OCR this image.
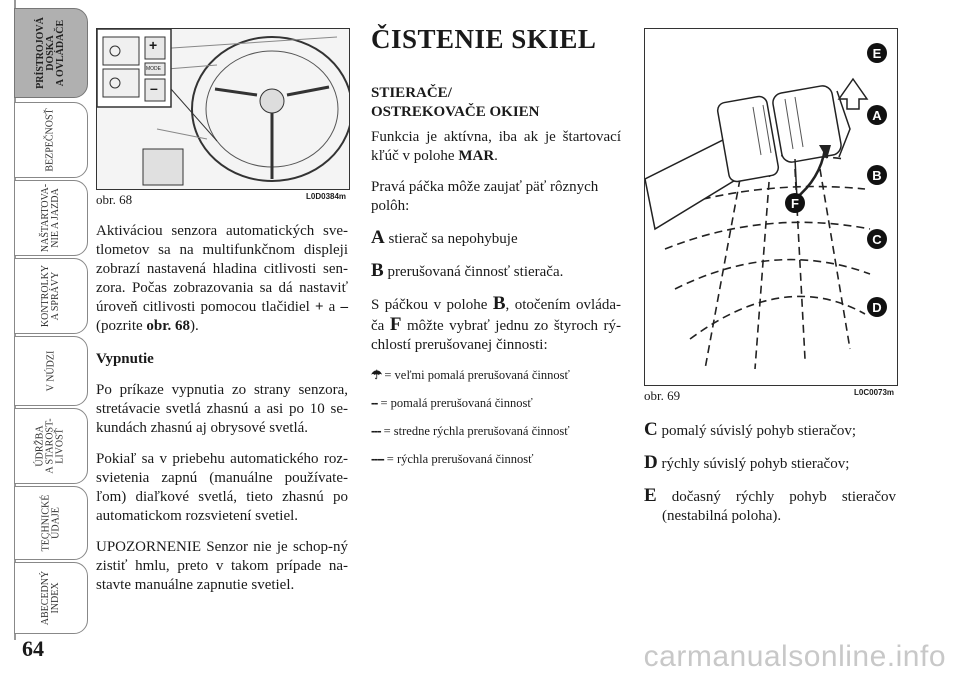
PRÍSTROJOVÁ
DOSKA
A OVLÁDAČE
BEZPEČNOSŤ
NAŠTARTOVA-
NIE A JAZDA
KONTROLKY
A SPRÁVY
V NÚDZI
ÚDRŽBA
A STAROST-
LIVOSŤ
TECHNICKÉ
ÚDAJE
ABECEDNÝ
INDEX
64	carmanualsonline.info
+
MODE
–
obr. 68	L0D0384m

Aktiváciou senzora automatických sve-tlometov sa na multifunkčnom displeji zobrazí nastavená hladina citlivosti sen-zora. Počas zobrazovania sa dá nastaviť úroveň citlivosti pomocou tlačidiel + a – (pozrite obr. 68).

Vypnutie

Po príkaze vypnutia zo strany senzora, stretávacie svetlá zhasnú a asi po 10 se-kundách zhasnú aj obrysové svetlá.

Pokiaľ sa v priebehu automatického roz-svietenia zapnú (manuálne používate-ľom) diaľkové svetlá, tieto zhasnú po automatickom rozsvietení svetiel.

UPOZORNENIE Senzor nie je schop-ný zistiť hmlu, preto v takom prípade na-stavte manuálne zapnutie svetiel.

ČISTENIE SKIEL

STIERAČE/

OSTREKOVAČE OKIEN

Funkcia je aktívna, iba ak je štartovací kľúč v polohe MAR.

Pravá páčka môže zaujať päť rôznych polôh:

A stierač sa nepohybuje

B prerušovaná činnosť stierača.

S páčkou v polohe B, otočením ovláda-ča F môžte vybrať jednu zo štyroch rý-chlostí prerušovanej činnosti:

☂ = veľmi pomalá prerušovaná činnosť

-- = pomalá prerušovaná činnosť

--- = stredne rýchla prerušovaná činnosť

---- = rýchla prerušovaná činnosť

E
A
B
F
C
D
obr. 69	L0C0073m

C pomalý súvislý pohyb stieračov;

D rýchly súvislý pohyb stieračov;

E dočasný rýchly pohyb stieračov (nestabilná poloha).
